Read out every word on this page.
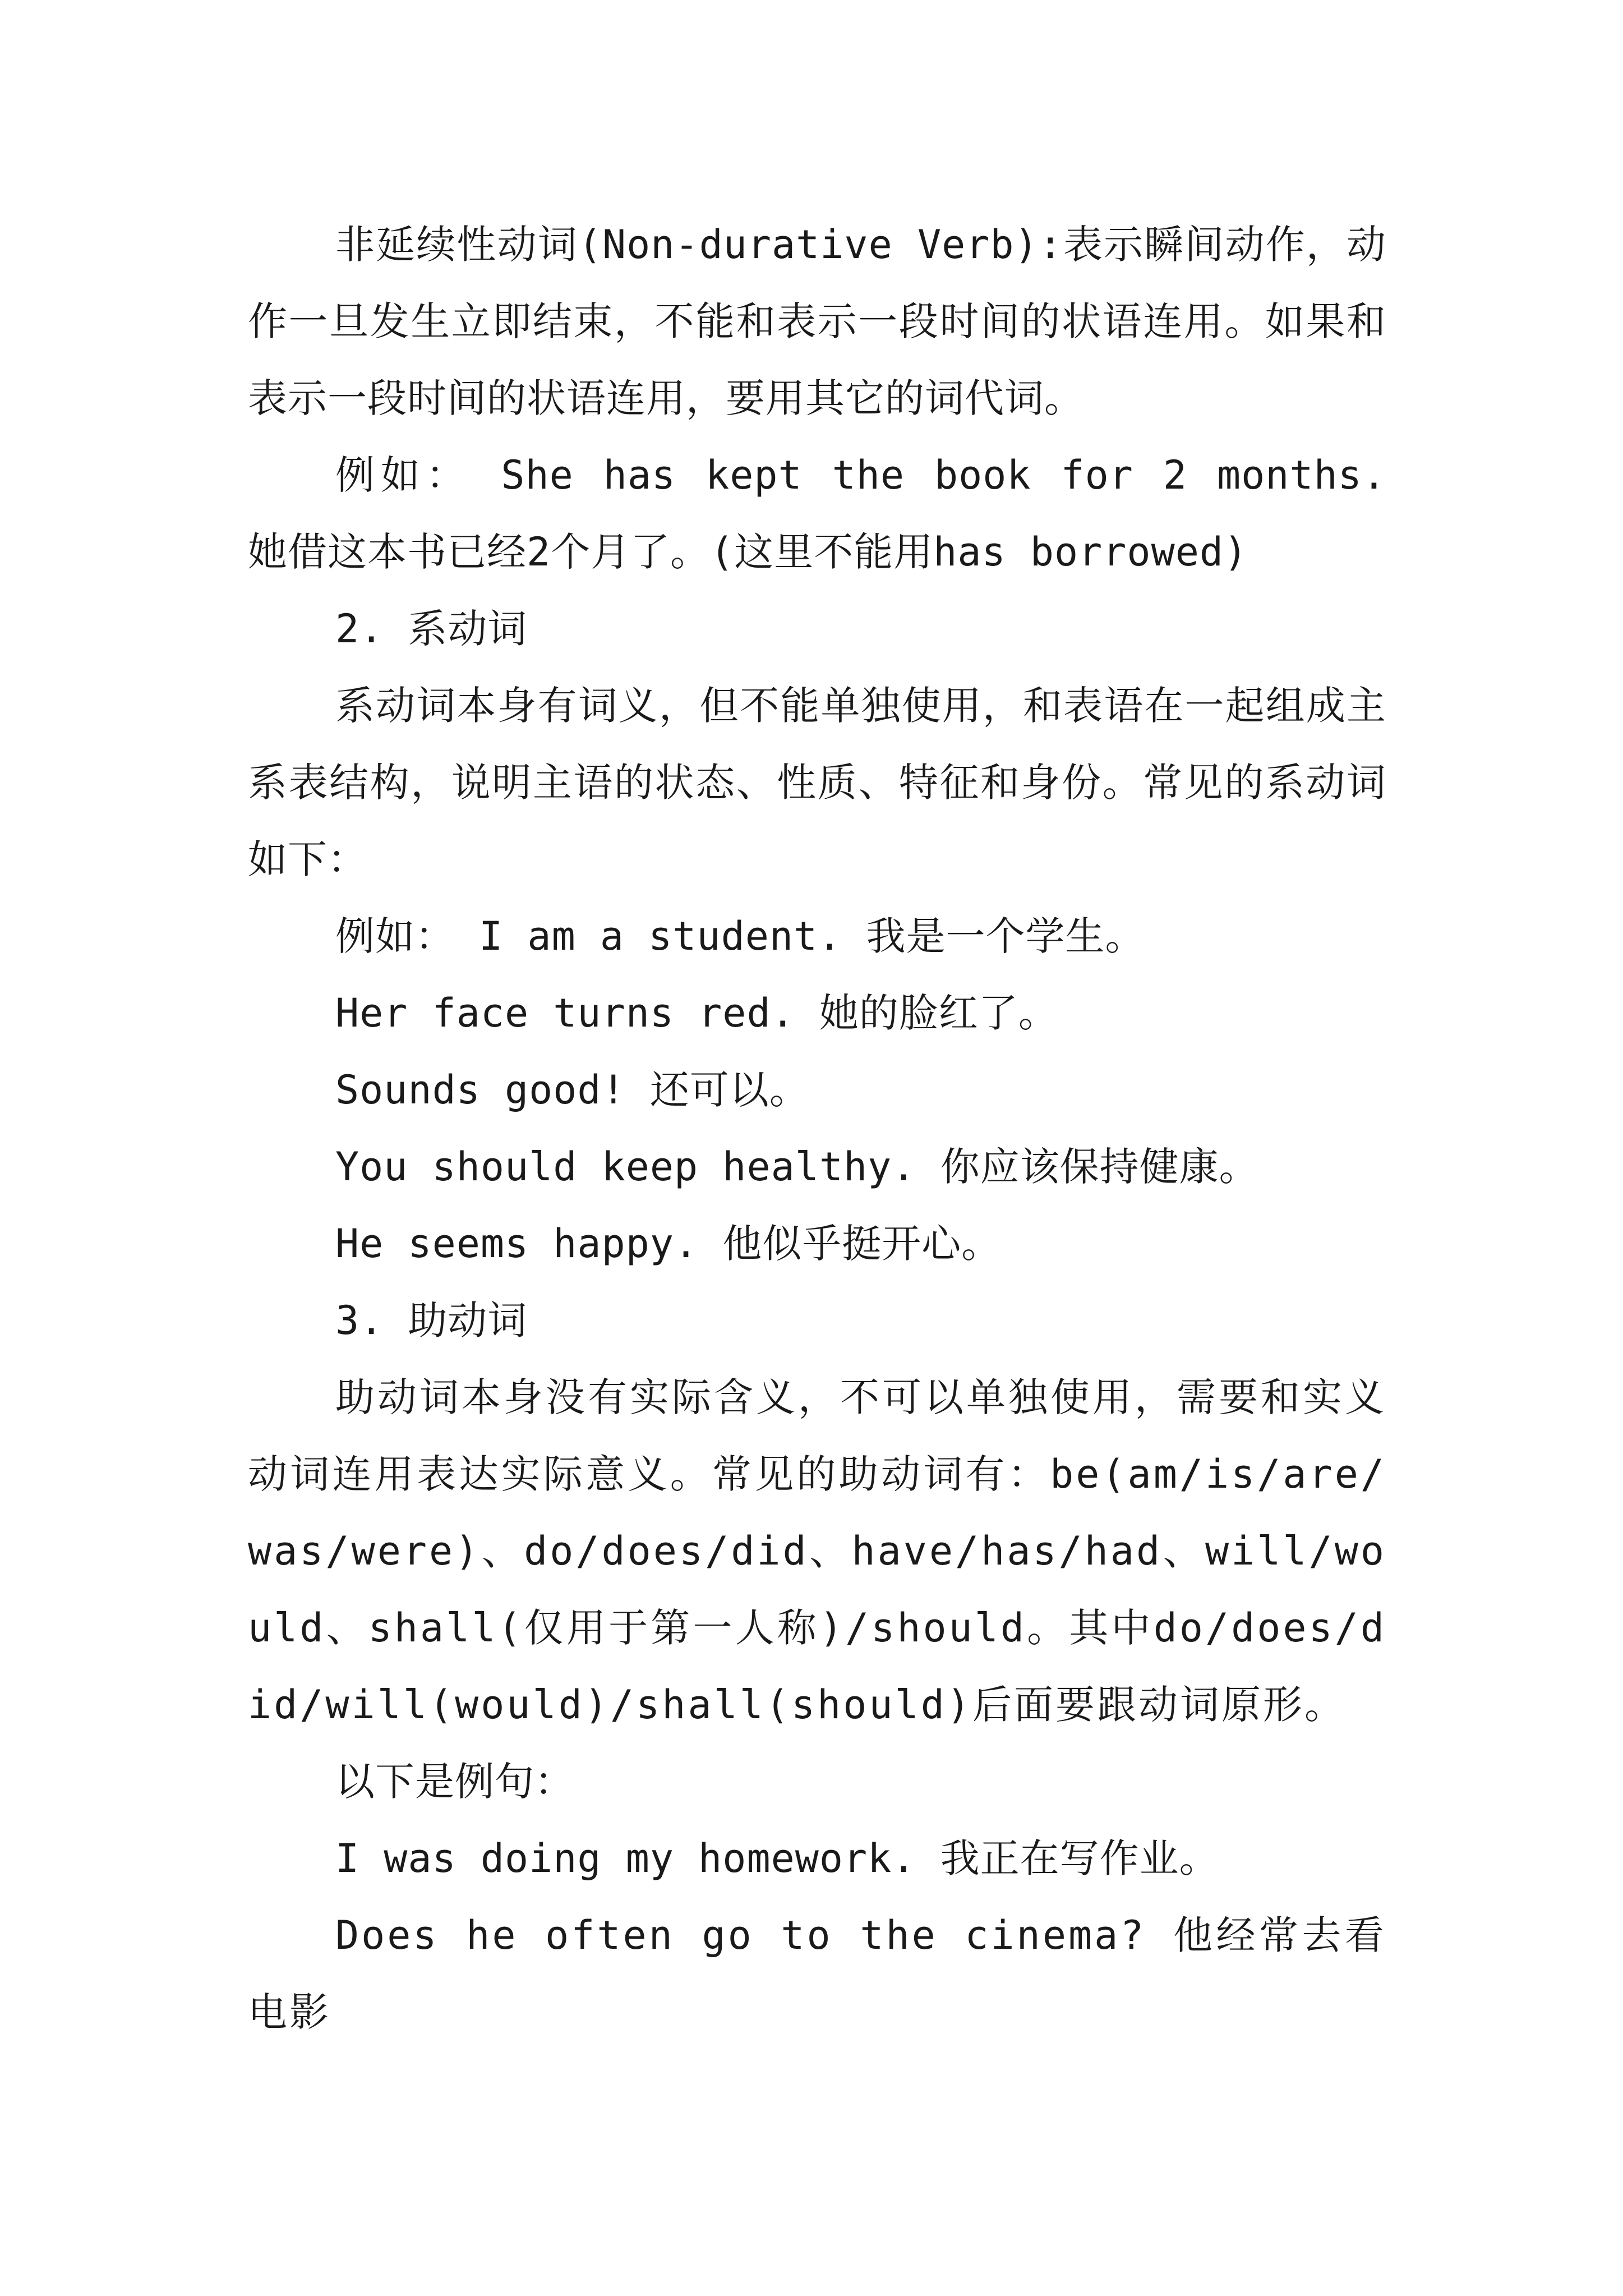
非延续性动词(Non-durative Verb):表示瞬间动作，动作一旦发生立即结束，不能和表示一段时间的状语连用。如果和表示一段时间的状语连用，要用其它的词代词。

例如： She has kept the book for 2 months. 她借这本书已经2个月了。(这里不能用has borrowed)

2. 系动词

系动词本身有词义，但不能单独使用，和表语在一起组成主系表结构，说明主语的状态、性质、特征和身份。常见的系动词如下：

例如： I am a student. 我是一个学生。

Her face turns red. 她的脸红了。

Sounds good! 还可以。

You should keep healthy. 你应该保持健康。

He seems happy. 他似乎挺开心。

3. 助动词

助动词本身没有实际含义，不可以单独使用，需要和实义动词连用表达实际意义。常见的助动词有：be(am/is/are/was/were)、do/does/did、have/has/had、will/would、shall(仅用于第一人称)/should。其中do/does/did/will(would)/shall(should)后面要跟动词原形。

以下是例句：

I was doing my homework. 我正在写作业。

Does he often go to the cinema? 他经常去看电影
